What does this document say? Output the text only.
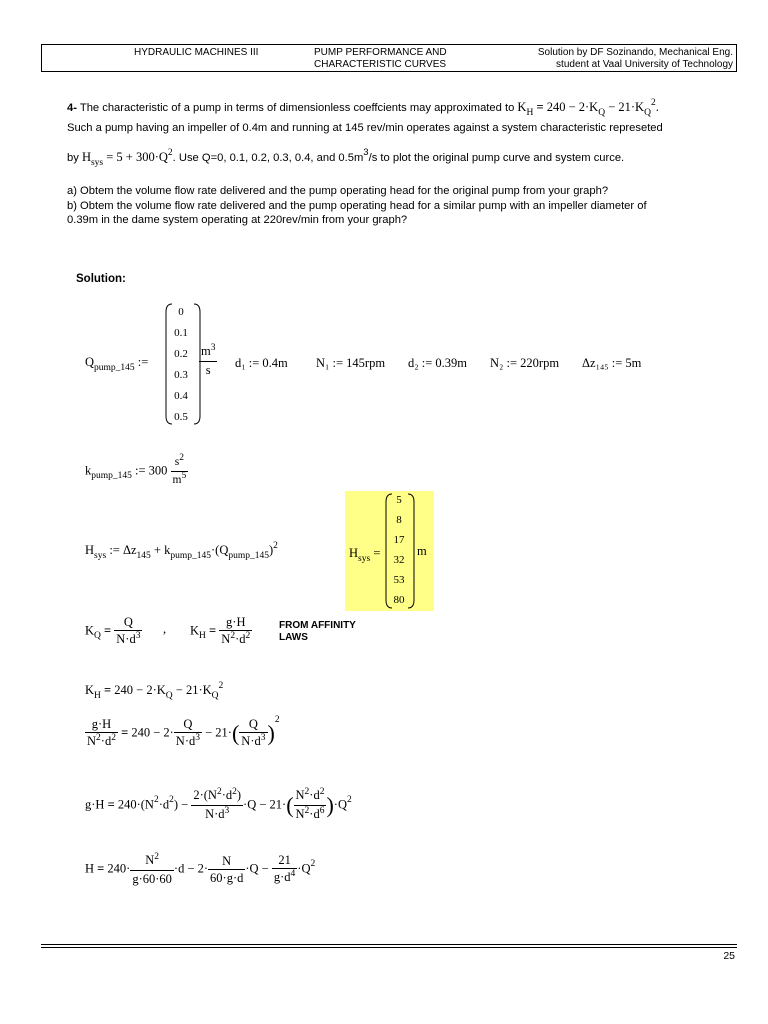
HYDRAULIC MACHINES III	PUMP PERFORMANCE AND
CHARACTERISTIC CURVES
Solution by DF Sozinando, Mechanical Eng.
student at Vaal University of Technology
4- The characteristic of a pump in terms of dimensionless coeffcients may approximated to $K_H = 240 - 2\cdot K_Q - 21\cdot K_Q^2$.
Such a pump having an impeller of 0.4m and running at 145 rev/min operates against a system characteristic represeted
by $H_{sys} = 5 + 300\cdot Q^2$. Use Q=0, 0.1, 0.2, 0.3, 0.4, and $0.5m^3/s$ to plot the original pump curve and system curce.
a) Obtem the volume flow rate delivered and the pump operating head for the original pump from your graph?
b) Obtem the volume flow rate delivered and the pump operating head for a similar pump with an impeller diameter of
0.39m in the dame system operating at 220rev/min from your graph?
Solution:
$Q_{pump\_145}$ :=
0
0.1
0.2
0.3
0.4
0.5
$\frac{m^3}{s} d_1$ := 0.4m N₁ := 145rpm d₂ := 0.39m N₂ := 220rpm Δz₁₄₅ := 5m
$k_{pump\_145}$ := $300 \frac{s^2}{m^5}$
$H_{sys}$ := $\Delta z_{145} + k_{pump\_145}\cdot(Q_{pump\_145})^2$	$H_{sys}$ =
5
8
17
32
53
80
m
$K_Q = \frac{Q}{N\cdot d^3}$ , $K_H = \frac{g\cdot H}{N^2\cdot d^2}$	FROM AFFINITY
LAWS
$K_H = 240 - 2\cdot K_Q - 21\cdot K_Q^2$
$\frac{g\cdot H}{N^2\cdot d^2} = 240 - 2\cdot \frac{Q}{N\cdot d^3} - 21\cdot( \frac{Q}{N\cdot d^3} )^2$
$g\cdot H = 240\cdot(N^2\cdot d^2) - \frac{2\cdot(N^2\cdot d^2)}{N\cdot d^3} \cdot Q - 21\cdot( \frac{N^2\cdot d^2}{N^2\cdot d^6} )\cdot Q^2$
$H = 240\cdot \frac{N^2}{g\cdot 60\cdot 60} \cdot d - 2\cdot \frac{N}{60\cdot g\cdot d} \cdot Q - \frac{21}{g\cdot d^4} \cdot Q^2$
25
